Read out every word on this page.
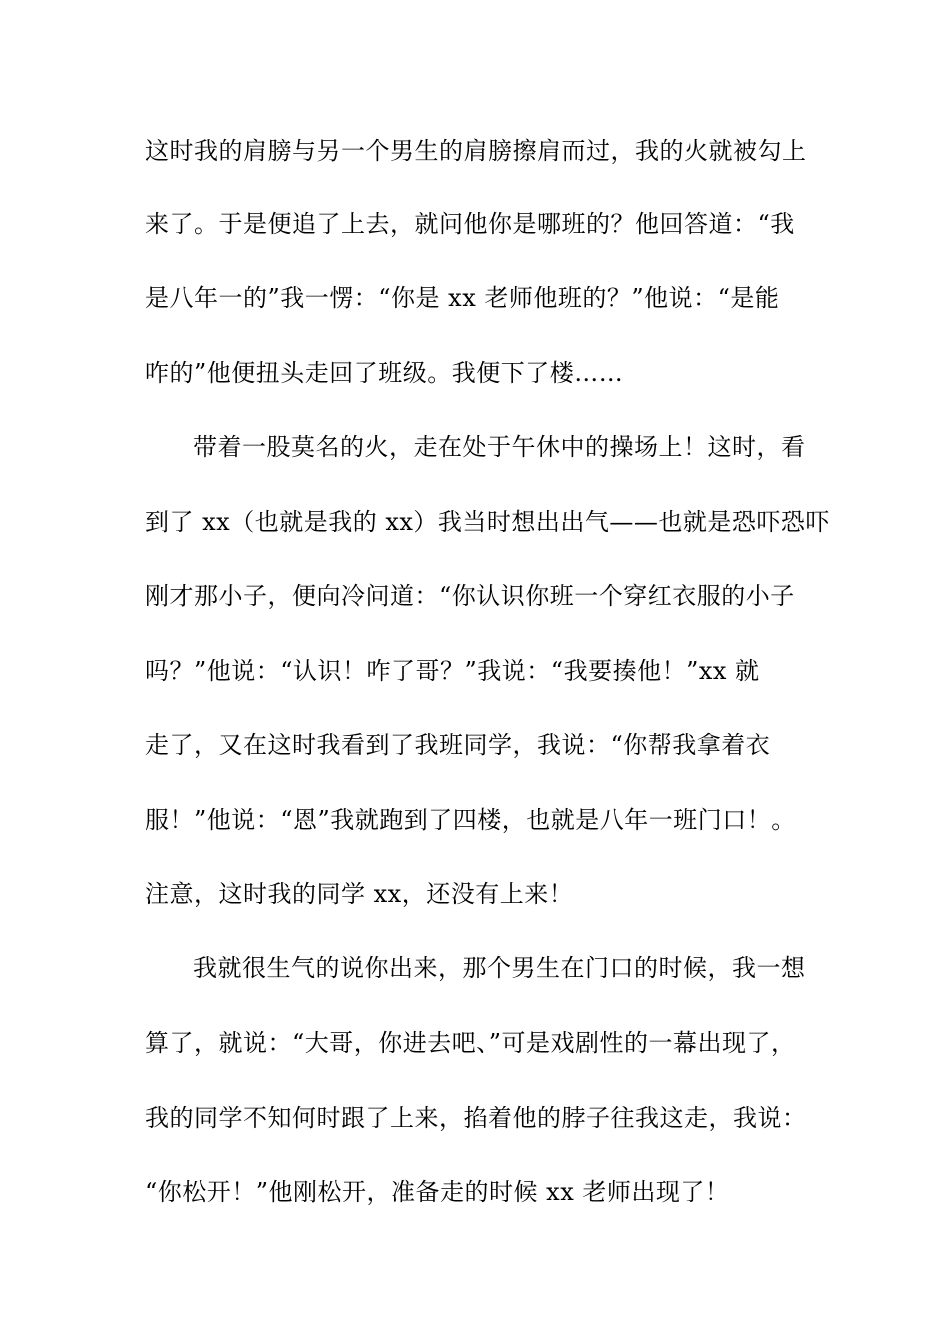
这时我的肩膀与另一个男生的肩膀擦肩而过，我的火就被勾上
来了。于是便追了上去，就问他你是哪班的？他回答道：“我
是八年一的”我一愣：“你是 xx 老师他班的？”他说：“是能
咋的”他便扭头走回了班级。我便下了楼……
带着一股莫名的火，走在处于午休中的操场上！这时，看
到了 xx（也就是我的 xx）我当时想出出气——也就是恐吓恐吓
刚才那小子，便向冷问道：“你认识你班一个穿红衣服的小子
吗？”他说：“认识！咋了哥？”我说：“我要揍他！”xx 就
走了，又在这时我看到了我班同学，我说：“你帮我拿着衣
服！”他说：“恩”我就跑到了四楼，也就是八年一班门口！。
注意，这时我的同学 xx，还没有上来！
我就很生气的说你出来，那个男生在门口的时候，我一想
算了，就说：“大哥，你进去吧、”可是戏剧性的一幕出现了，
我的同学不知何时跟了上来，掐着他的脖子往我这走，我说：
“你松开！”他刚松开，准备走的时候 xx 老师出现了！
